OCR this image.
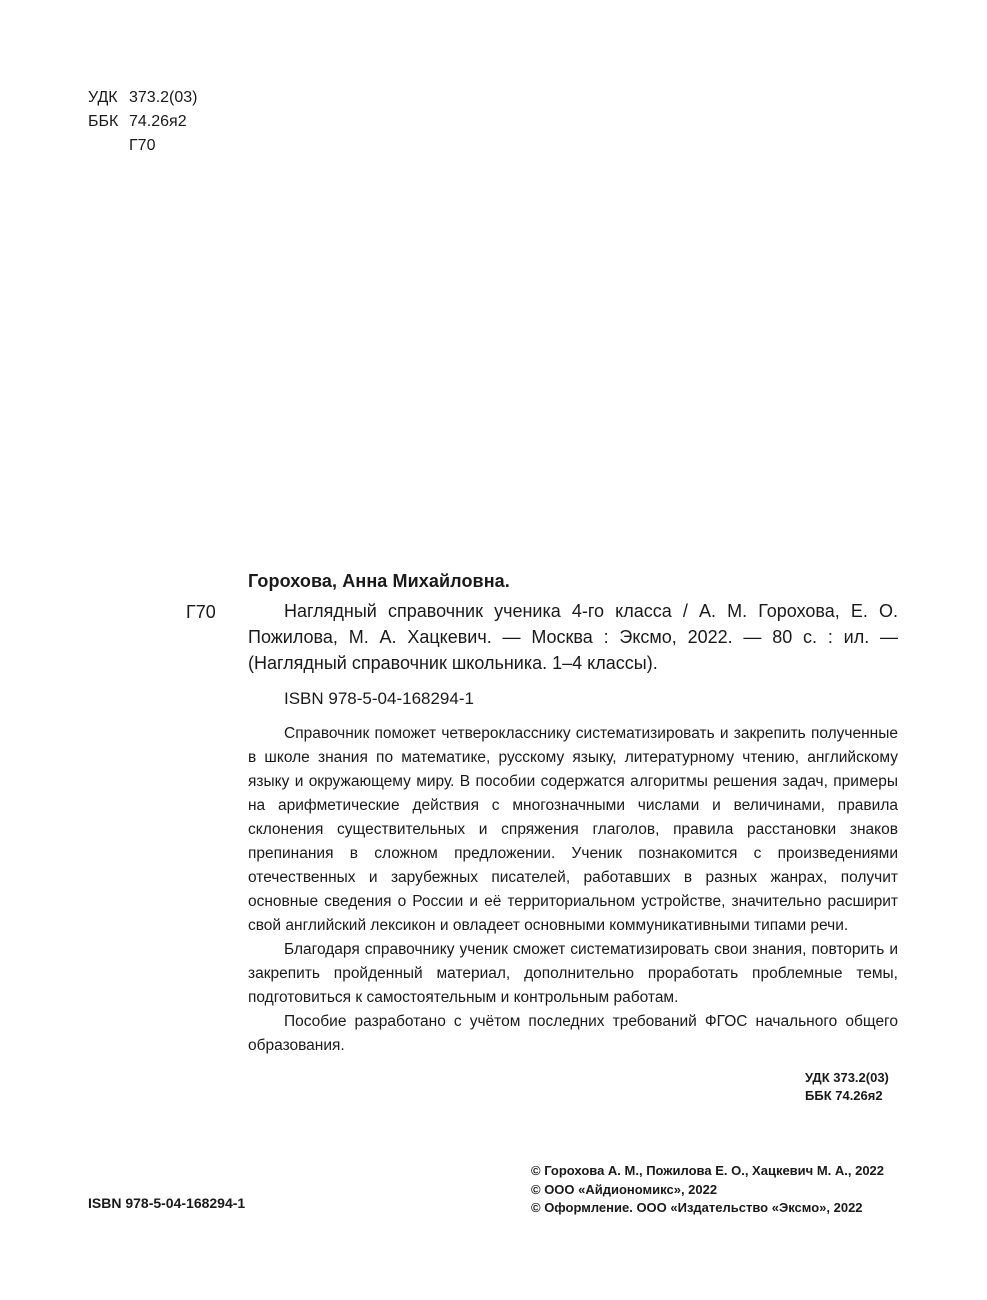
УДК 373.2(03)
ББК 74.26я2
Г70
Горохова, Анна Михайловна.
Г70	Наглядный справочник ученика 4-го класса / А. М. Горохова, Е. О. Пожилова, М. А. Хацкевич. — Москва : Эксмо, 2022. — 80 с. : ил. — (Наглядный справочник школьника. 1–4 классы).

ISBN 978-5-04-168294-1

Справочник поможет четверокласснику систематизировать и закрепить полученные в школе знания по математике, русскому языку, литературному чтению, английскому языку и окружающему миру. В пособии содержатся алгоритмы решения задач, примеры на арифметические действия с многозначными числами и величинами, правила склонения существительных и спряжения глаголов, правила расстановки знаков препинания в сложном предложении. Ученик познакомится с произведениями отечественных и зарубежных писателей, работавших в разных жанрах, получит основные сведения о России и её территориальном устройстве, значительно расширит свой английский лексикон и овладеет основными коммуникативными типами речи.

Благодаря справочнику ученик сможет систематизировать свои знания, повторить и закрепить пройденный материал, дополнительно проработать проблемные темы, подготовиться к самостоятельным и контрольным работам.

Пособие разработано с учётом последних требований ФГОС начального общего образования.

УДК 373.2(03)
ББК 74.26я2
© Горохова А. М., Пожилова Е. О., Хацкевич М. А., 2022
© ООО «Айдиономикс», 2022
© Оформление. ООО «Издательство «Эксмо», 2022
ISBN 978-5-04-168294-1
